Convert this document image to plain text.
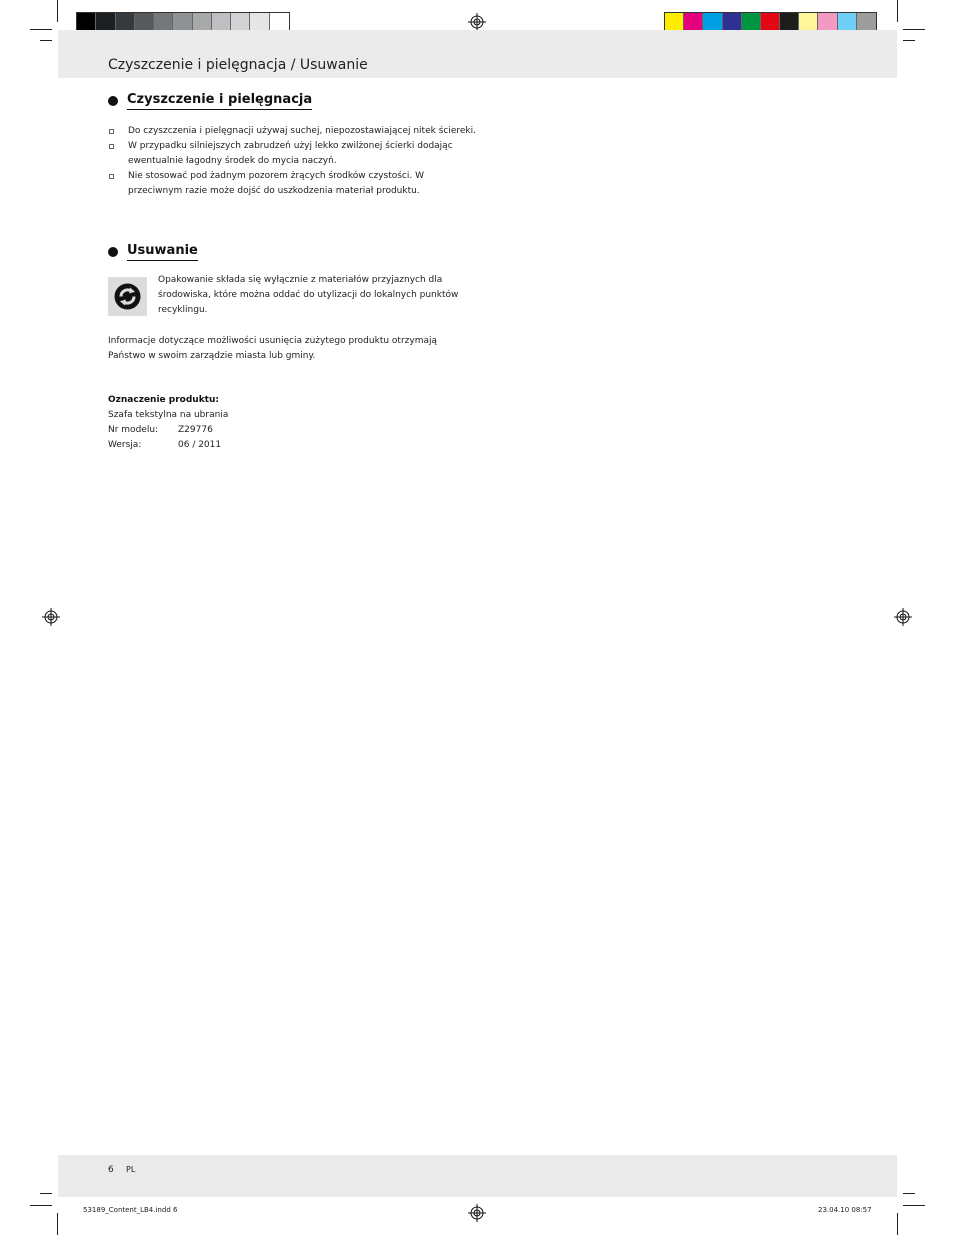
Czyszczenie i pielęgnacja / Usuwanie
Czyszczenie i pielęgnacja
Do czyszczenia i pielęgnacji używaj suchej, niepozostawiającej nitek ściereki.
W przypadku silniejszych zabrudzeń użyj lekko zwilżonej ścierki dodając ewentualnie łagodny środek do mycia naczyń.
Nie stosować pod żadnym pozorem żrących środków czystości. W przeciwnym razie może dojść do uszkodzenia materiał produktu.
Usuwanie
Opakowanie składa się wyłącznie z materiałów przyjaznych dla środowiska, które można oddać do utylizacji do lokalnych punktów recyklingu.
Informacje dotyczące możliwości usunięcia zużytego produktu otrzymają Państwo w swoim zarządzie miasta lub gminy.
Oznaczenie produktu:
Szafa tekstylna na ubrania
Nr modelu: Z29776
Wersja:	06 / 2011
6 PL
53189_Content_LB4.indd 6	23.04.10 08:57
